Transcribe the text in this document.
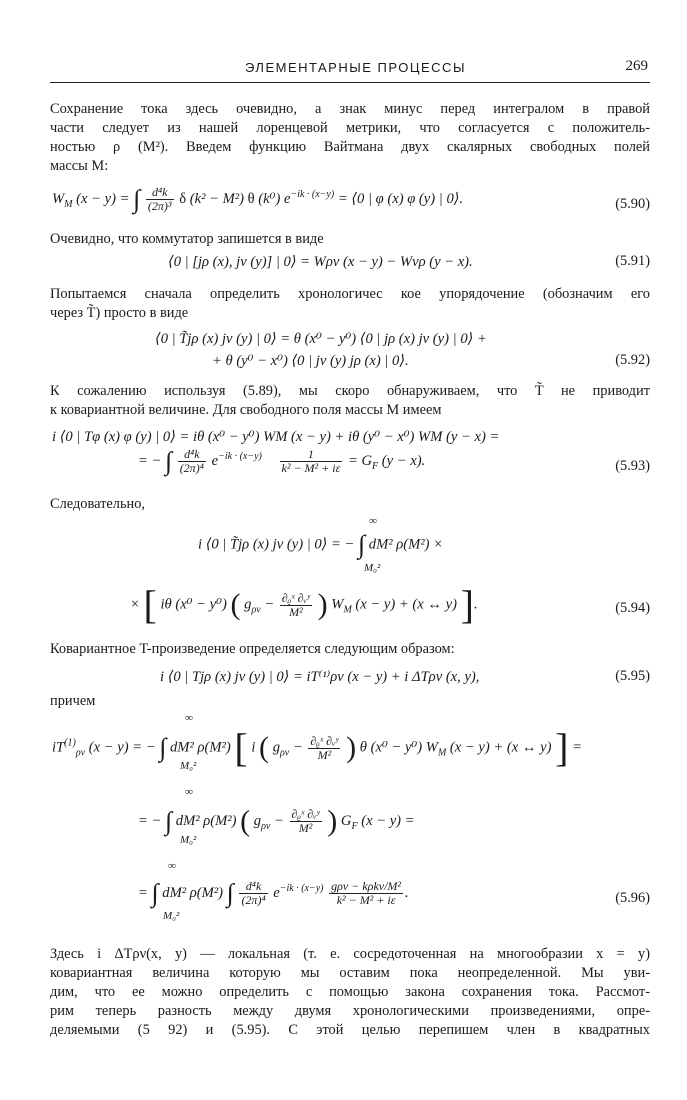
ЭЛЕМЕНТАРНЫЕ ПРОЦЕССЫ	269
Сохранение тока здесь очевидно, а знак минус перед интегралом в правой
части следует из нашей лоренцевой метрики, что согласуется с положитель-
ностью ρ (M²). Введем функцию Вайтмана двух скалярных свободных полей
массы M:
$W_M$ (x − y) = ∫ $\frac{\text{d⁴k}}{\text{(2π)³}}$ δ (k² − M²) θ (k⁰) $e^{-ik \cdot (x-y)}$ = ⟨0 | φ (x) φ (y) | 0⟩.	(5.90)
Очевидно, что коммутатор запишется в виде
⟨0 | [jρ (x), jν (y)] | 0⟩ = Wρν (x − y) − Wνρ (y − x).	(5.91)
Попытаемся сначала определить хронологичес кое упорядочение (обозначим его
через T̃) просто в виде
⟨0 | T̃jρ (x) jν (y) | 0⟩ = θ (x⁰ − y⁰) ⟨0 | jρ (x) jν (y) | 0⟩ +
+ θ (y⁰ − x⁰) ⟨0 | jν (y) jρ (x) | 0⟩.	(5.92)
К сожалению используя (5.89), мы скоро обнаруживаем, что T̃ не приводит
к ковариантной величине. Для свободного поля массы M имеем
i ⟨0 | Tφ (x) φ (y) | 0⟩ = iθ (x⁰ − y⁰) WM (x − y) + iθ (y⁰ − x⁰) WM (y − x) =
= − ∫ $\frac{\text{d⁴k}}{\text{(2π)⁴}} e^{-ik \cdot (x-y)} \frac{1}{\text{k² − M² + iε}} = G_F$ (y − x).	(5.93)
Следовательно,
i ⟨0 | T̃jρ (x) jν (y) | 0⟩ = − ∫ dM² ρ(M²) ×
∞
M₀²
× [ iθ (x⁰ − y⁰) ( $g_{\rho\nu} - \frac{\text{∂ᵨˣ ∂ᵥʸ}}{\text{M²}}$ ) $W_M$ (x − y) + (x ↔ y) ].	(5.94)
Ковариантное T-произведение определяется следующим образом:
i ⟨0 | Tjρ (x) jν (y) | 0⟩ = iT⁽¹⁾ρν (x − y) + i ΔTρν (x, y),	(5.95)
причем
$iT^{(1)}_{\rho\nu}$ (x − y) = − ∫ dM² ρ(M²) [ i ( $g_{\rho\nu} - \frac{\text{∂ᵨˣ ∂ᵥʸ}}{\text{M²}}$ ) θ (x⁰ − y⁰) $W_M$ (x − y) + (x ↔ y) ] =
∞
M₀²
= − ∫ dM² ρ(M²) ( $g_{\rho\nu} - \frac{\text{∂ᵨˣ ∂ᵥʸ}}{\text{M²}}$ ) $G_F$ (x − y) =
∞
M₀²
= ∫ dM² ρ(M²) ∫ $\frac{\text{d⁴k}}{\text{(2π)⁴}} e^{-ik \cdot (x-y)} \frac{\text{gρν − kρkν/M²}}{\text{k² − M² + iε}}$ .
∞
M₀²
(5.96)
Здесь i ΔTρν(x, y) — локальная (т. е. сосредоточенная на многообразии x = y)
ковариантная величина которую мы оставим пока неопределенной. Мы уви-
дим, что ее можно определить с помощью закона сохранения тока. Рассмот-
рим теперь разность между двумя хронологическими произведениями, опре-
деляемыми (5 92) и (5.95). С этой целью перепишем член в квадратных
